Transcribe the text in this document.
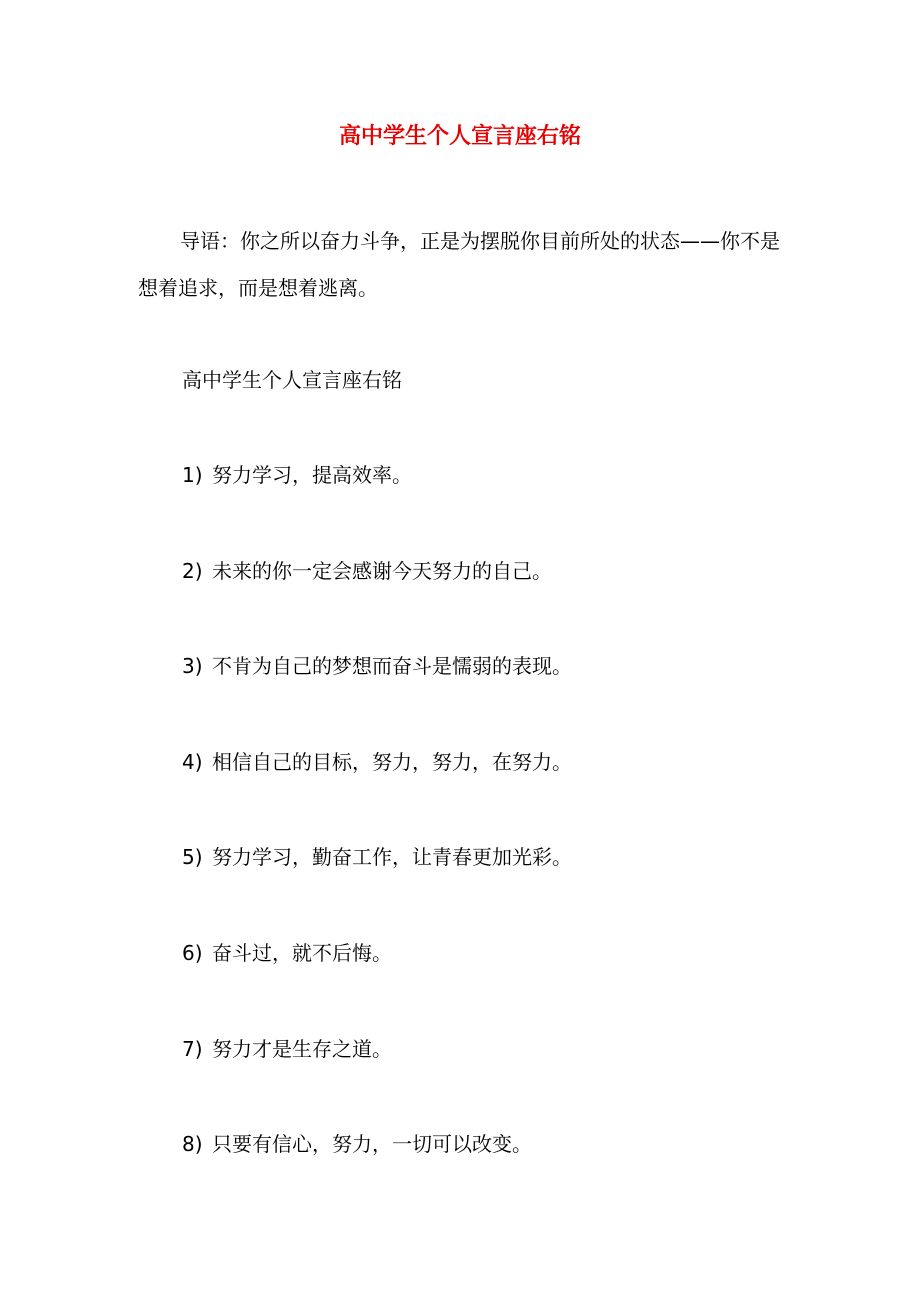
高中学生个人宣言座右铭

导语：你之所以奋力斗争，正是为摆脱你目前所处的状态——你不是想着追求，而是想着逃离。

高中学生个人宣言座右铭

1) 努力学习，提高效率。
2) 未来的你一定会感谢今天努力的自己。
3) 不肯为自己的梦想而奋斗是懦弱的表现。
4) 相信自己的目标，努力，努力，在努力。
5) 努力学习，勤奋工作，让青春更加光彩。
6) 奋斗过，就不后悔。
7) 努力才是生存之道。
8) 只要有信心，努力，一切可以改变。
